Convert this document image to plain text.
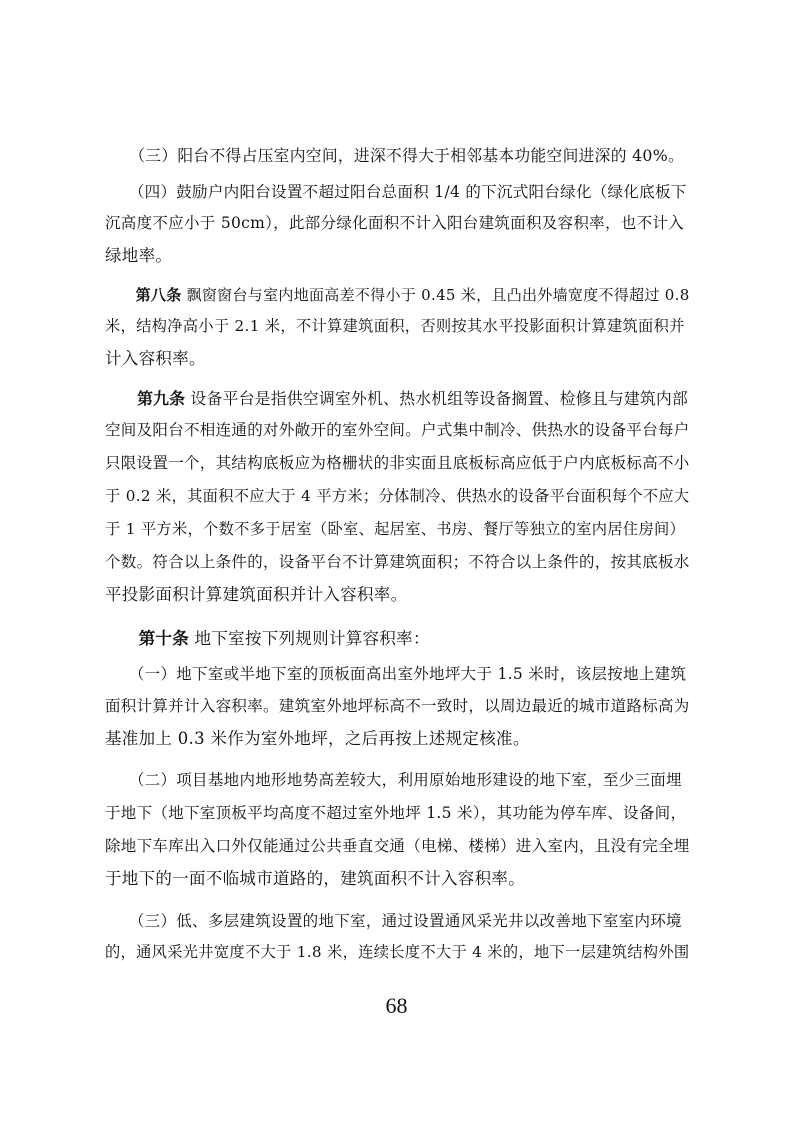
　　（三）阳台不得占压室内空间，进深不得大于相邻基本功能空间进深的 40%。
　　（四）鼓励户内阳台设置不超过阳台总面积 1/4 的下沉式阳台绿化（绿化底板下
沉高度不应小于 50cm），此部分绿化面积不计入阳台建筑面积及容积率，也不计入
绿地率。
　　第八条 飘窗窗台与室内地面高差不得小于 0.45 米，且凸出外墙宽度不得超过 0.8
米，结构净高小于 2.1 米，不计算建筑面积，否则按其水平投影面积计算建筑面积并
计入容积率。
　　第九条 设备平台是指供空调室外机、热水机组等设备搁置、检修且与建筑内部
空间及阳台不相连通的对外敞开的室外空间。户式集中制冷、供热水的设备平台每户
只限设置一个，其结构底板应为格栅状的非实面且底板标高应低于户内底板标高不小
于 0.2 米，其面积不应大于 4 平方米；分体制冷、供热水的设备平台面积每个不应大
于 1 平方米，个数不多于居室（卧室、起居室、书房、餐厅等独立的室内居住房间）
个数。符合以上条件的，设备平台不计算建筑面积；不符合以上条件的，按其底板水
平投影面积计算建筑面积并计入容积率。
　　第十条 地下室按下列规则计算容积率：
　　（一）地下室或半地下室的顶板面高出室外地坪大于 1.5 米时，该层按地上建筑
面积计算并计入容积率。建筑室外地坪标高不一致时，以周边最近的城市道路标高为
基准加上 0.3 米作为室外地坪，之后再按上述规定核准。
　　（二）项目基地内地形地势高差较大，利用原始地形建设的地下室，至少三面埋
于地下（地下室顶板平均高度不超过室外地坪 1.5 米），其功能为停车库、设备间，
除地下车库出入口外仅能通过公共垂直交通（电梯、楼梯）进入室内，且没有完全埋
于地下的一面不临城市道路的，建筑面积不计入容积率。
　　（三）低、多层建筑设置的地下室，通过设置通风采光井以改善地下室室内环境
的，通风采光井宽度不大于 1.8 米，连续长度不大于 4 米的，地下一层建筑结构外围
68
